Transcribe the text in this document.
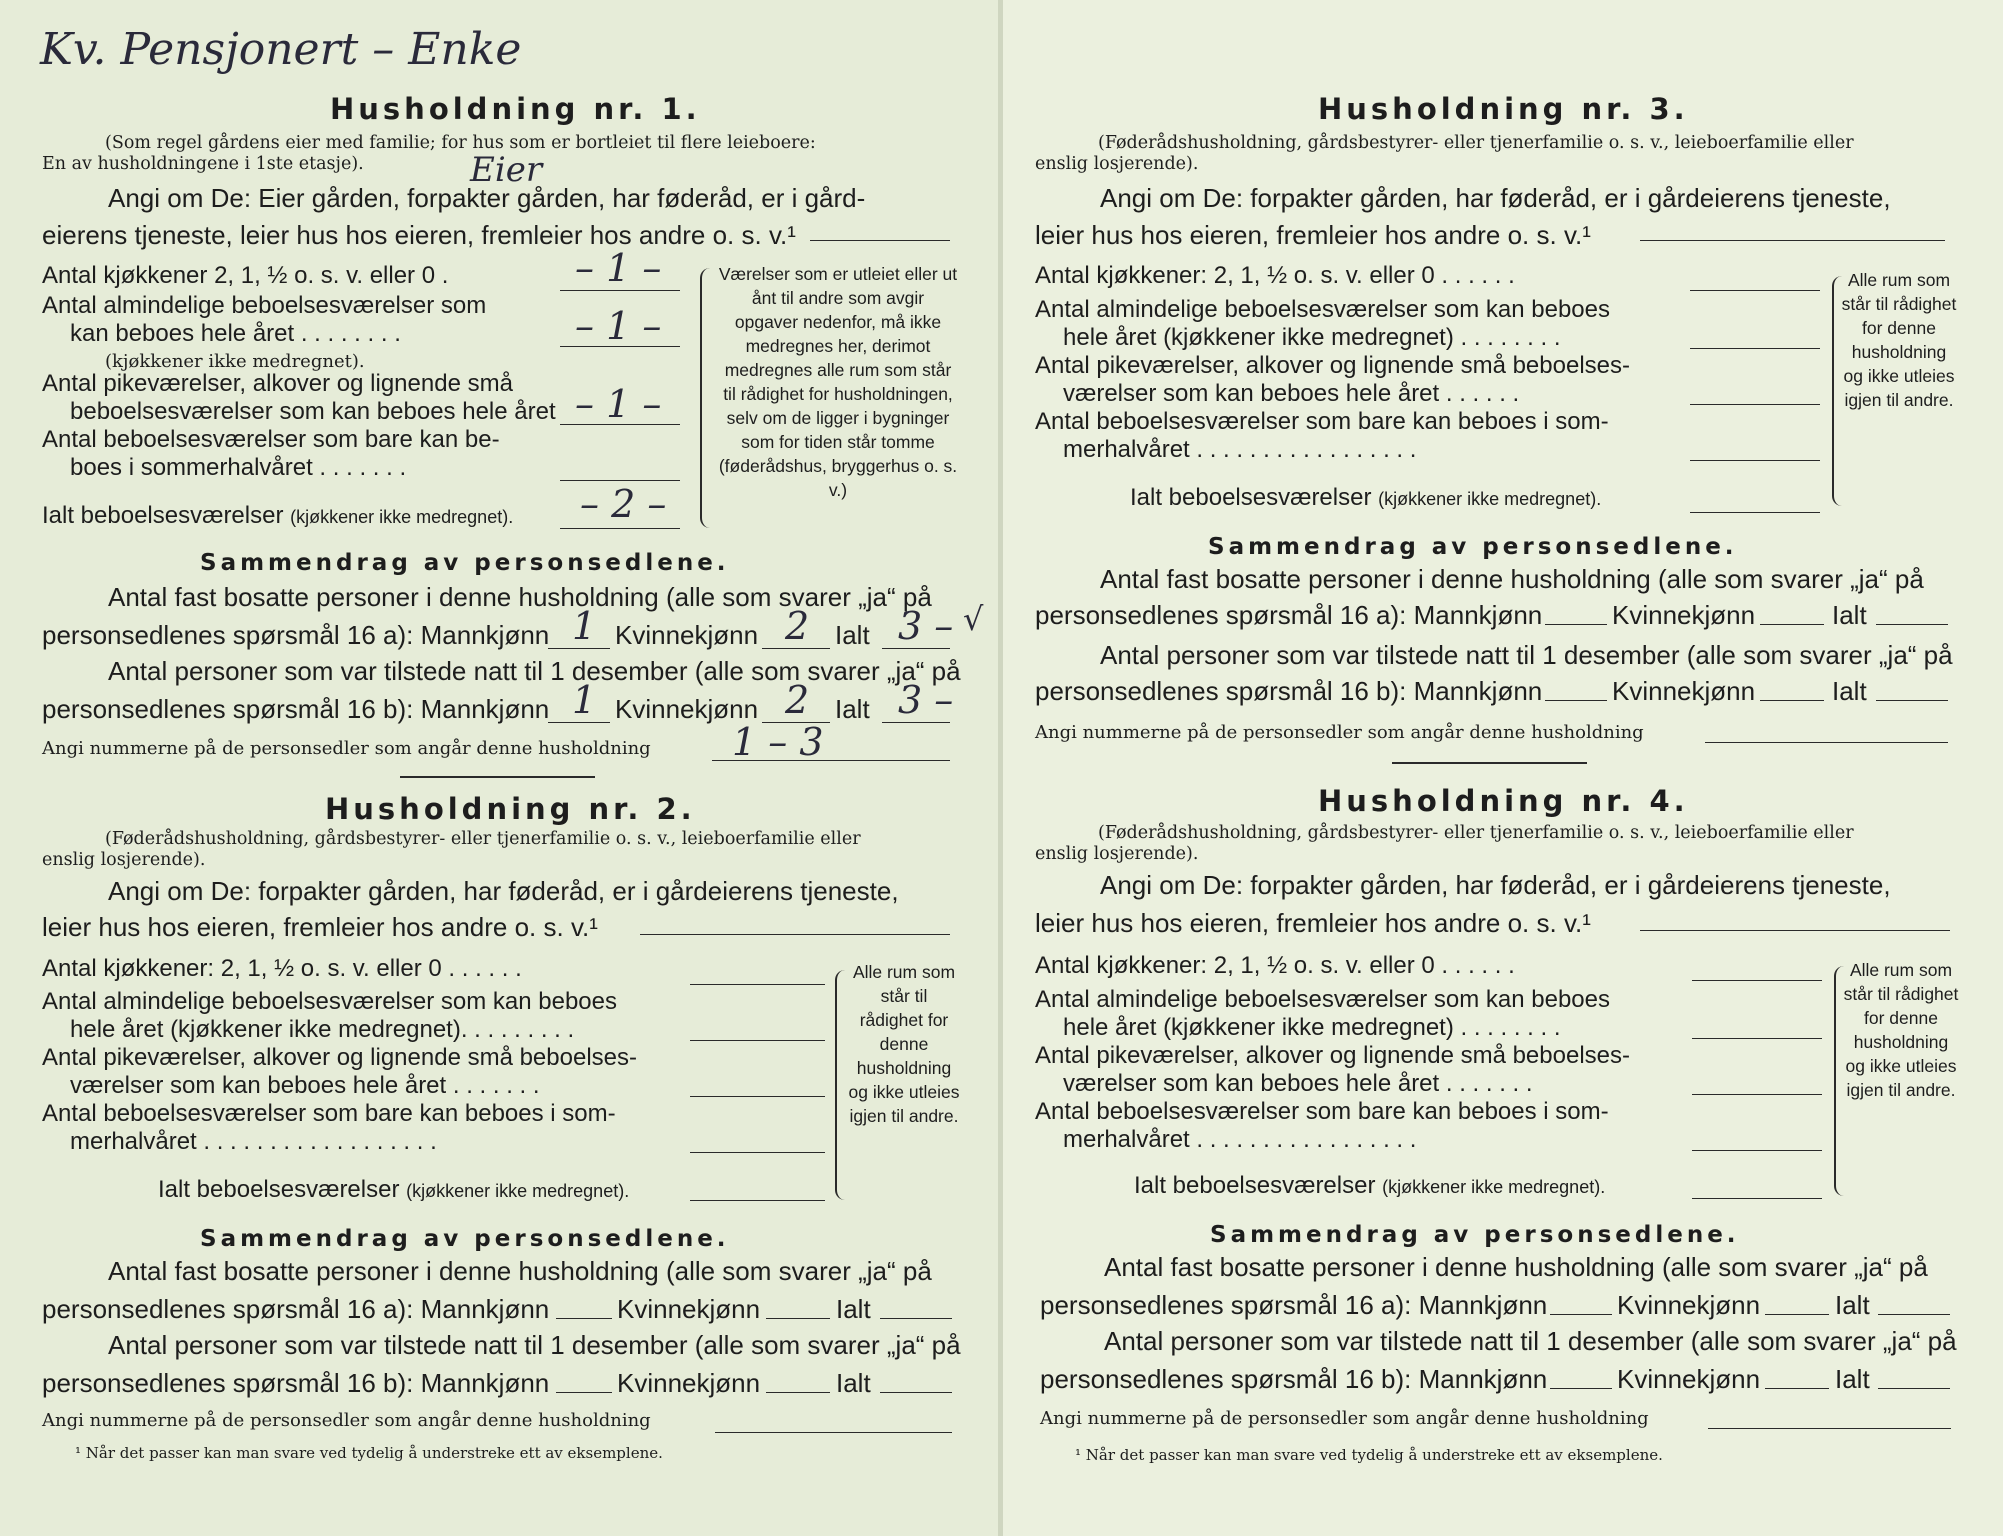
Kv. Pensjonert – Enke
Husholdning nr. 1.
(Som regel gårdens eier med familie; for hus som er bortleiet til flere leieboere:
En av husholdningene i 1ste etasje).
Angi om De: Eier gården, forpakter gården, har føderåd, er i gård-
Eier
eierens tjeneste, leier hus hos eieren, fremleier hos andre o. s. v.¹
Antal kjøkkener 2, 1, ½ o. s. v. eller 0 .	– 1 –
Antal almindelige beboelsesværelser som
kan beboes hele året . . . . . . . .	– 1 –
(kjøkkener ikke medregnet).
Antal pikeværelser, alkover og lignende små
beboelsesværelser som kan beboes hele året – 1 –
Antal beboelsesværelser som bare kan be-
boes i sommerhalvåret . . . . . . .
Ialt beboelsesværelser (kjøkkener ikke medregnet). – 2 –
Værelser som er utleiet eller ut ånt til andre som avgir opgaver nedenfor, må ikke medregnes her, derimot medregnes alle rum som står til rådighet for husholdningen, selv om de ligger i bygninger som for tiden står tomme (føderådshus, bryggerhus o. s. v.)
Sammendrag av personsedlene.
Antal fast bosatte personer i denne husholdning (alle som svarer „ja“ på
personsedlenes spørsmål 16 a): Mannkjønn 1 Kvinnekjønn 2 Ialt 3 – √
Antal personer som var tilstede natt til 1 desember (alle som svarer „ja“ på
personsedlenes spørsmål 16 b): Mannkjønn 1 Kvinnekjønn 2 Ialt 3 –
Angi nummerne på de personsedler som angår denne husholdning 1 – 3
Husholdning nr. 2.
(Føderådshusholdning, gårdsbestyrer- eller tjenerfamilie o. s. v., leieboerfamilie eller
enslig losjerende).
Angi om De: forpakter gården, har føderåd, er i gårdeierens tjeneste,
leier hus hos eieren, fremleier hos andre o. s. v.¹
Antal kjøkkener: 2, 1, ½ o. s. v. eller 0 . . . . . .
Antal almindelige beboelsesværelser som kan beboes
hele året (kjøkkener ikke medregnet). . . . . . . . .
Antal pikeværelser, alkover og lignende små beboelses-
værelser som kan beboes hele året . . . . . . .
Antal beboelsesværelser som bare kan beboes i som-
merhalvåret . . . . . . . . . . . . . . . . . .
Ialt beboelsesværelser (kjøkkener ikke medregnet).
Alle rum som står til rådighet for denne husholdning og ikke utleies igjen til andre.
Sammendrag av personsedlene.
Antal fast bosatte personer i denne husholdning (alle som svarer „ja“ på
personsedlenes spørsmål 16 a): Mannkjønn	Kvinnekjønn	Ialt
Antal personer som var tilstede natt til 1 desember (alle som svarer „ja“ på
personsedlenes spørsmål 16 b): Mannkjønn	Kvinnekjønn	Ialt
Angi nummerne på de personsedler som angår denne husholdning
¹ Når det passer kan man svare ved tydelig å understreke ett av eksemplene.
Husholdning nr. 3.
(Føderådshusholdning, gårdsbestyrer- eller tjenerfamilie o. s. v., leieboerfamilie eller
enslig losjerende).
Angi om De: forpakter gården, har føderåd, er i gårdeierens tjeneste,
leier hus hos eieren, fremleier hos andre o. s. v.¹
Antal kjøkkener: 2, 1, ½ o. s. v. eller 0 . . . . . .
Antal almindelige beboelsesværelser som kan beboes
hele året (kjøkkener ikke medregnet) . . . . . . . .
Antal pikeværelser, alkover og lignende små beboelses-
værelser som kan beboes hele året . . . . . .
Antal beboelsesværelser som bare kan beboes i som-
merhalvåret . . . . . . . . . . . . . . . . .
Ialt beboelsesværelser (kjøkkener ikke medregnet).
Alle rum som står til rådighet for denne husholdning og ikke utleies igjen til andre.
Sammendrag av personsedlene.
Antal fast bosatte personer i denne husholdning (alle som svarer „ja“ på
personsedlenes spørsmål 16 a): Mannkjønn	Kvinnekjønn	Ialt
Antal personer som var tilstede natt til 1 desember (alle som svarer „ja“ på
personsedlenes spørsmål 16 b): Mannkjønn	Kvinnekjønn	Ialt
Angi nummerne på de personsedler som angår denne husholdning
Husholdning nr. 4.
(Føderådshusholdning, gårdsbestyrer- eller tjenerfamilie o. s. v., leieboerfamilie eller
enslig losjerende).
Angi om De: forpakter gården, har føderåd, er i gårdeierens tjeneste,
leier hus hos eieren, fremleier hos andre o. s. v.¹
Antal kjøkkener: 2, 1, ½ o. s. v. eller 0 . . . . . .
Antal almindelige beboelsesværelser som kan beboes
hele året (kjøkkener ikke medregnet) . . . . . . . .
Antal pikeværelser, alkover og lignende små beboelses-
værelser som kan beboes hele året . . . . . . .
Antal beboelsesværelser som bare kan beboes i som-
merhalvåret . . . . . . . . . . . . . . . . .
Ialt beboelsesværelser (kjøkkener ikke medregnet).
Alle rum som står til rådighet for denne husholdning og ikke utleies igjen til andre.
Sammendrag av personsedlene.
Antal fast bosatte personer i denne husholdning (alle som svarer „ja“ på
personsedlenes spørsmål 16 a): Mannkjønn	Kvinnekjønn	Ialt
Antal personer som var tilstede natt til 1 desember (alle som svarer „ja“ på
personsedlenes spørsmål 16 b): Mannkjønn	Kvinnekjønn	Ialt
Angi nummerne på de personsedler som angår denne husholdning
¹ Når det passer kan man svare ved tydelig å understreke ett av eksemplene.
